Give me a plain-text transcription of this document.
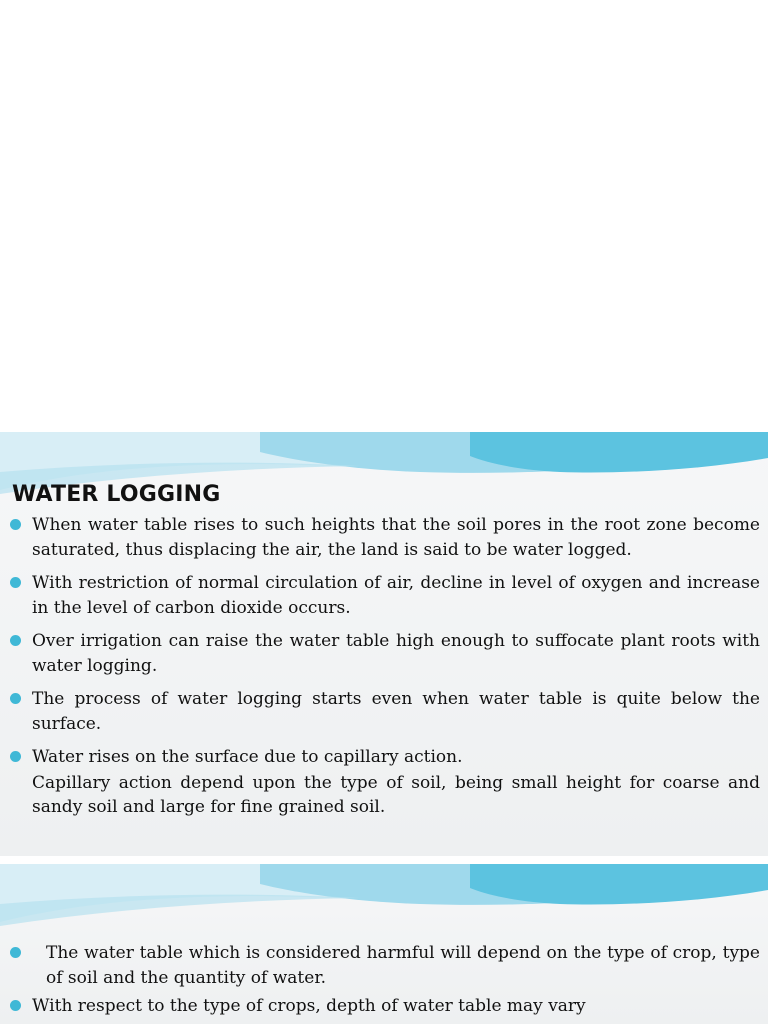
WATER LOGGING
When water table rises to such heights that the soil pores in the root zone become saturated, thus displacing the air, the land is said to be water logged.
With restriction of normal circulation of air, decline in level of oxygen and increase in the level of carbon dioxide occurs.
Over irrigation can raise the water table high enough to suffocate plant roots with water logging.
The process of water logging starts even when water table is quite below the surface.
Water rises on the surface due to capillary action.
Capillary action depend upon the type of soil, being small height for coarse and sandy soil and large for fine grained soil.
The water table which is considered harmful will depend on the type of crop, type of soil and the quantity of water.
With respect to the type of crops, depth of water table may vary
